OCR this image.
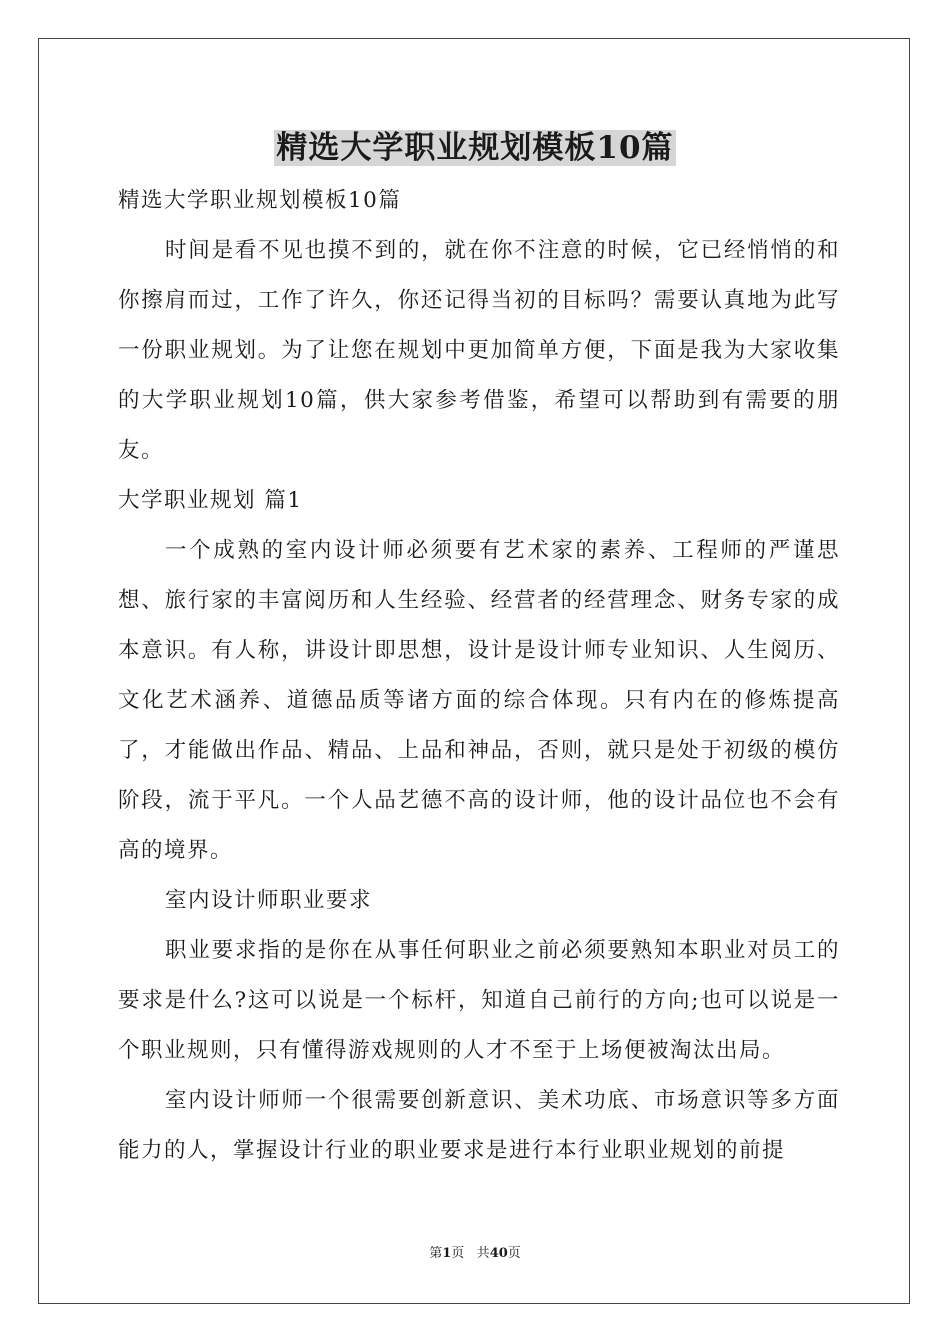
精选大学职业规划模板10篇

精选大学职业规划模板10篇

时间是看不见也摸不到的，就在你不注意的时候，它已经悄悄的和你擦肩而过，工作了许久，你还记得当初的目标吗？需要认真地为此写一份职业规划。为了让您在规划中更加简单方便，下面是我为大家收集的大学职业规划10篇，供大家参考借鉴，希望可以帮助到有需要的朋友。

大学职业规划 篇1

一个成熟的室内设计师必须要有艺术家的素养、工程师的严谨思想、旅行家的丰富阅历和人生经验、经营者的经营理念、财务专家的成本意识。有人称，讲设计即思想，设计是设计师专业知识、人生阅历、文化艺术涵养、道德品质等诸方面的综合体现。只有内在的修炼提高了，才能做出作品、精品、上品和神品，否则，就只是处于初级的模仿阶段，流于平凡。一个人品艺德不高的设计师，他的设计品位也不会有高的境界。

室内设计师职业要求

职业要求指的是你在从事任何职业之前必须要熟知本职业对员工的要求是什么?这可以说是一个标杆，知道自己前行的方向;也可以说是一个职业规则，只有懂得游戏规则的人才不至于上场便被淘汰出局。

室内设计师师一个很需要创新意识、美术功底、市场意识等多方面能力的人，掌握设计行业的职业要求是进行本行业职业规划的前提

第1页 共40页
